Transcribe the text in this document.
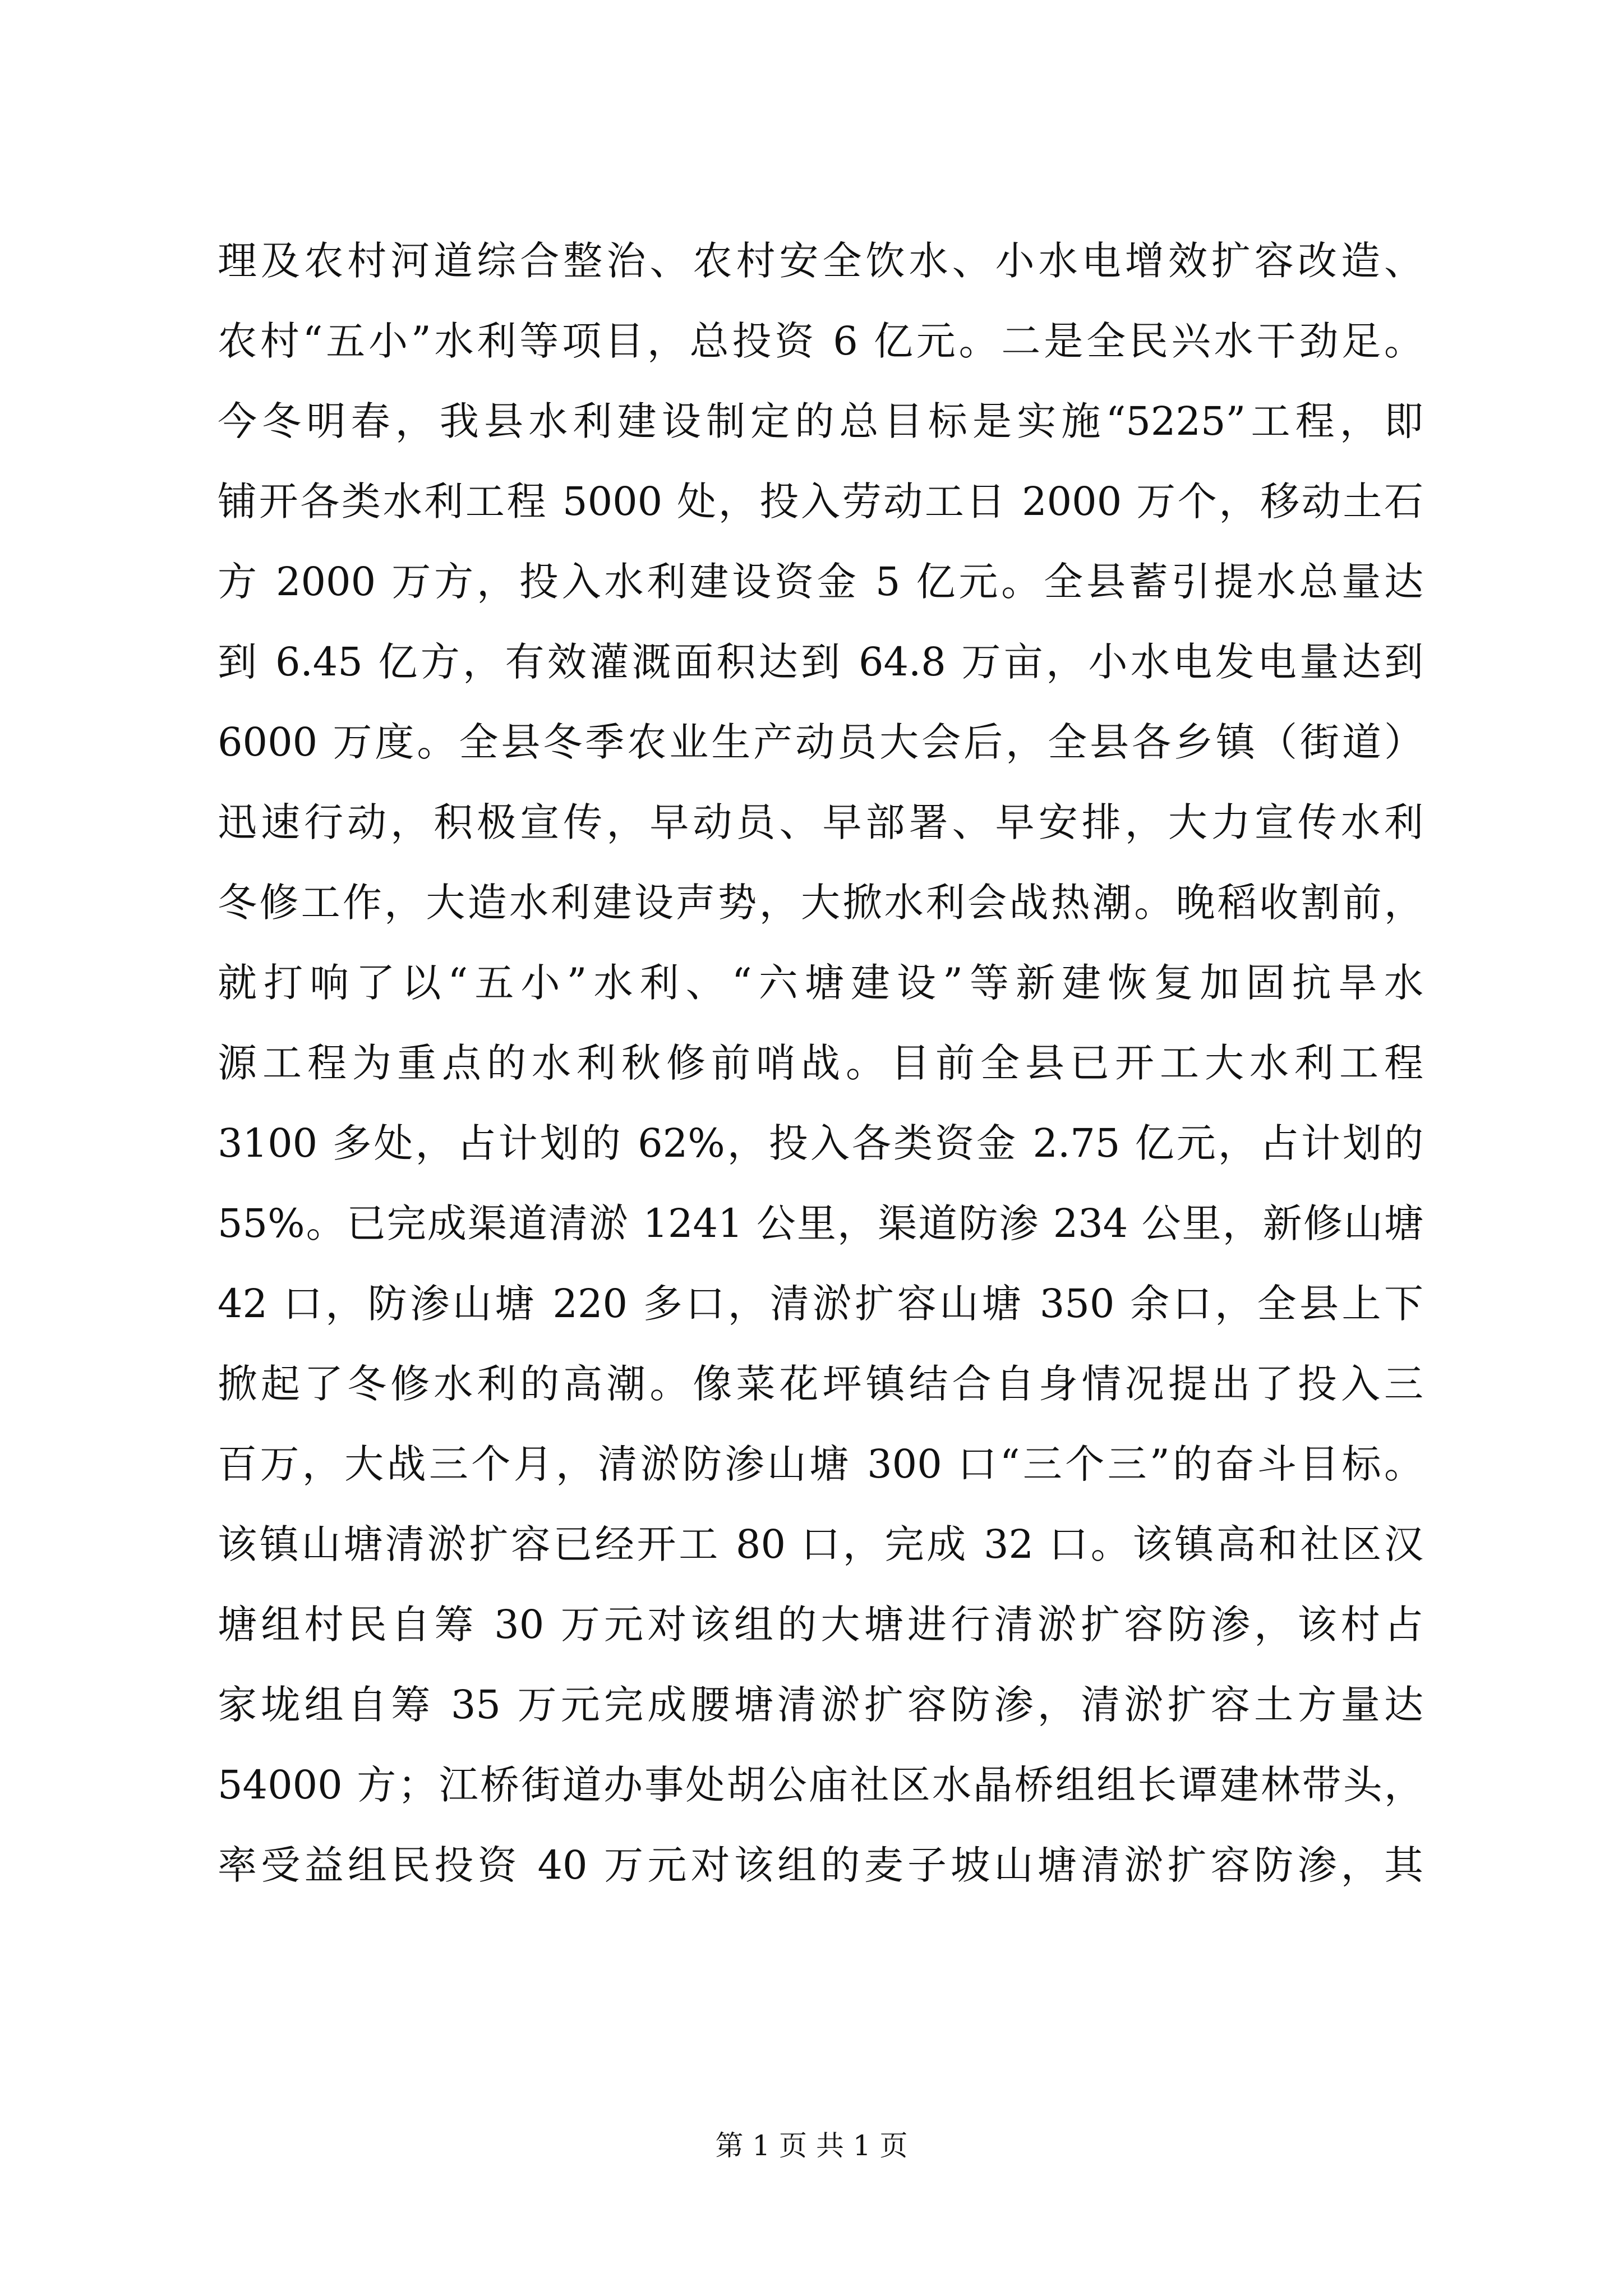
理及农村河道综合整治、农村安全饮水、小水电增效扩容改造、
农村“五小”水利等项目，总投资 6 亿元。二是全民兴水干劲足。
今冬明春，我县水利建设制定的总目标是实施“5225”工程，即
铺开各类水利工程 5000 处，投入劳动工日 2000 万个，移动土石
方 2000 万方，投入水利建设资金 5 亿元。全县蓄引提水总量达
到 6.45 亿方，有效灌溉面积达到 64.8 万亩，小水电发电量达到
6000 万度。全县冬季农业生产动员大会后，全县各乡镇（街道）
迅速行动，积极宣传，早动员、早部署、早安排，大力宣传水利
冬修工作，大造水利建设声势，大掀水利会战热潮。晚稻收割前，
就打响了以“五小”水利、“六塘建设”等新建恢复加固抗旱水
源工程为重点的水利秋修前哨战。目前全县已开工大水利工程
3100 多处，占计划的 62%，投入各类资金 2.75 亿元，占计划的
55%。已完成渠道清淤 1241 公里，渠道防渗 234 公里，新修山塘
42 口，防渗山塘 220 多口，清淤扩容山塘 350 余口，全县上下
掀起了冬修水利的高潮。像菜花坪镇结合自身情况提出了投入三
百万，大战三个月，清淤防渗山塘 300 口“三个三”的奋斗目标。
该镇山塘清淤扩容已经开工 80 口，完成 32 口。该镇高和社区汉
塘组村民自筹 30 万元对该组的大塘进行清淤扩容防渗，该村占
家垅组自筹 35 万元完成腰塘清淤扩容防渗，清淤扩容土方量达
54000 方；江桥街道办事处胡公庙社区水晶桥组组长谭建林带头，
率受益组民投资 40 万元对该组的麦子坡山塘清淤扩容防渗，其
第 1 页 共 1 页
